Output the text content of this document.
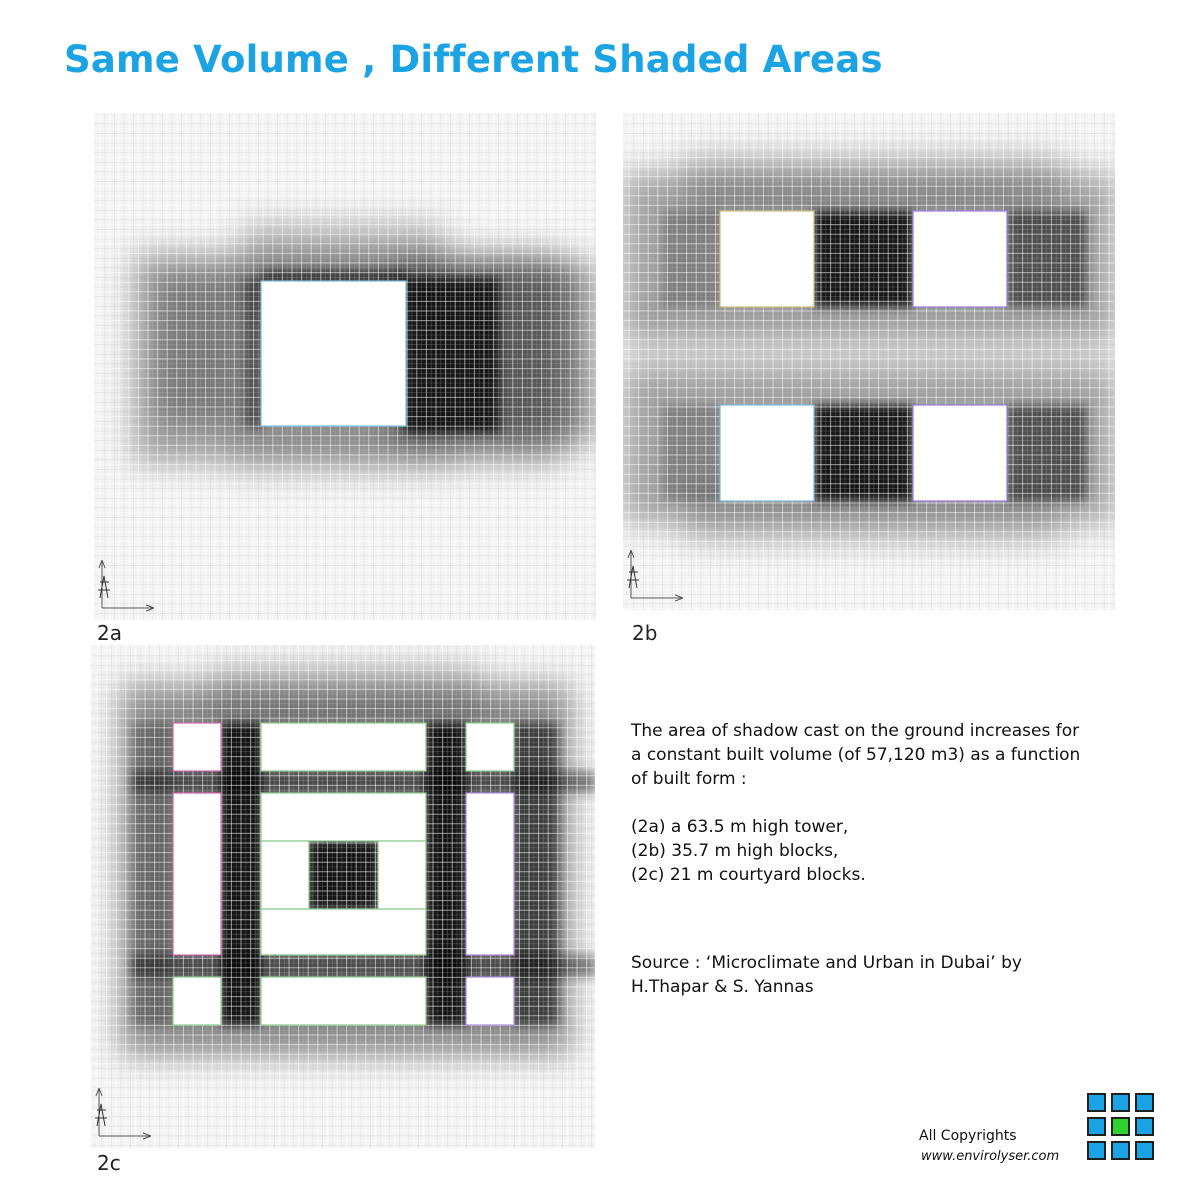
Same Volume , Different Shaded Areas
2a	2b
2c

The area of shadow cast on the ground increases for

a constant built volume (of 57,120 m3) as a function

of built form :

(2a) a 63.5 m high tower,

(2b) 35.7 m high blocks,

(2c) 21 m courtyard blocks.

Source : ‘Microclimate and Urban in Dubai’ by

H.Thapar & S. Yannas

All Copyrights
www.envirolyser.com
